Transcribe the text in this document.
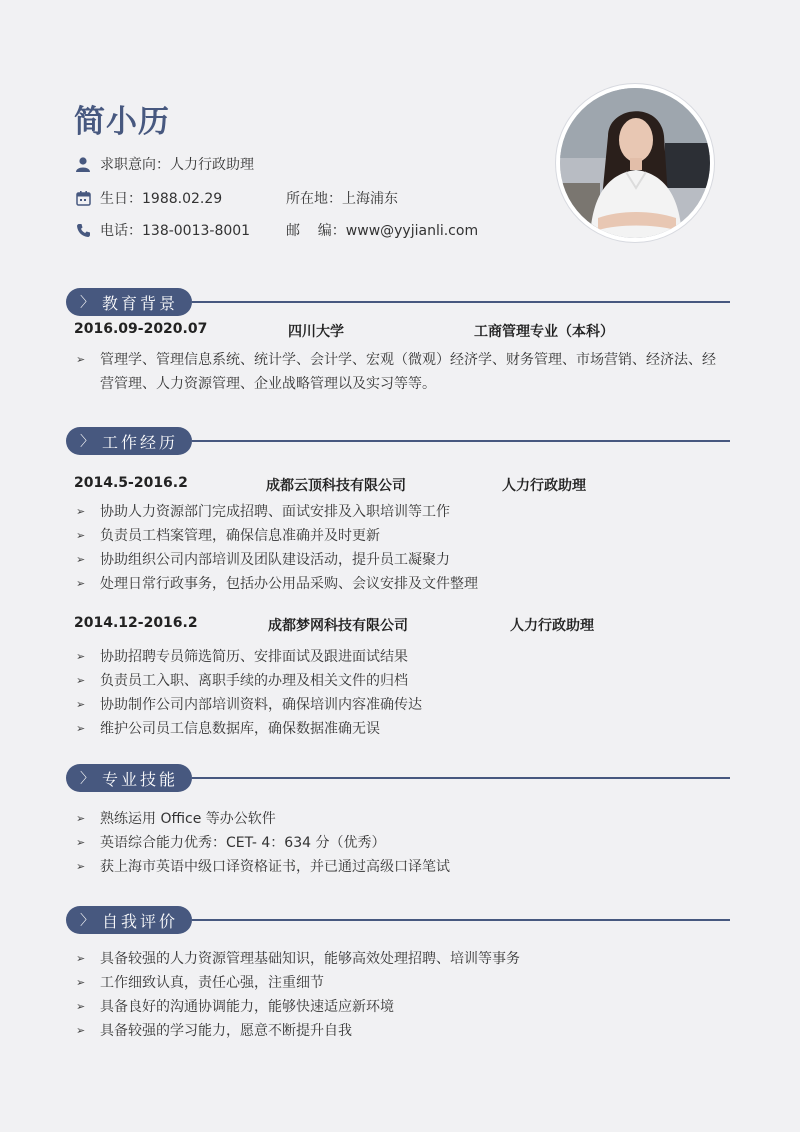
简小历
求职意向：人力行政助理
生日：1988.02.29	所在地：上海浦东
电话：138-0013-8001	邮    编：www@yyjianli.com
〉 教育背景
2016.09-2020.07	四川大学	工商管理专业（本科）
➢	管理学、管理信息系统、统计学、会计学、宏观（微观）经济学、财务管理、市场营销、经济法、经营管理、人力资源管理、企业战略管理以及实习等等。
〉 工作经历
2014.5-2016.2	成都云顶科技有限公司	人力行政助理
➢ 协助人力资源部门完成招聘、面试安排及入职培训等工作
➢ 负责员工档案管理，确保信息准确并及时更新
➢ 协助组织公司内部培训及团队建设活动，提升员工凝聚力
➢ 处理日常行政事务，包括办公用品采购、会议安排及文件整理
2014.12-2016.2	成都梦网科技有限公司	人力行政助理
➢ 协助招聘专员筛选简历、安排面试及跟进面试结果
➢ 负责员工入职、离职手续的办理及相关文件的归档
➢ 协助制作公司内部培训资料，确保培训内容准确传达
➢ 维护公司员工信息数据库，确保数据准确无误
〉 专业技能
➢ 熟练运用 Office 等办公软件
➢ 英语综合能力优秀：CET- 4：634 分（优秀）
➢ 获上海市英语中级口译资格证书，并已通过高级口译笔试
〉 自我评价
➢ 具备较强的人力资源管理基础知识，能够高效处理招聘、培训等事务
➢ 工作细致认真，责任心强，注重细节
➢ 具备良好的沟通协调能力，能够快速适应新环境
➢ 具备较强的学习能力，愿意不断提升自我
